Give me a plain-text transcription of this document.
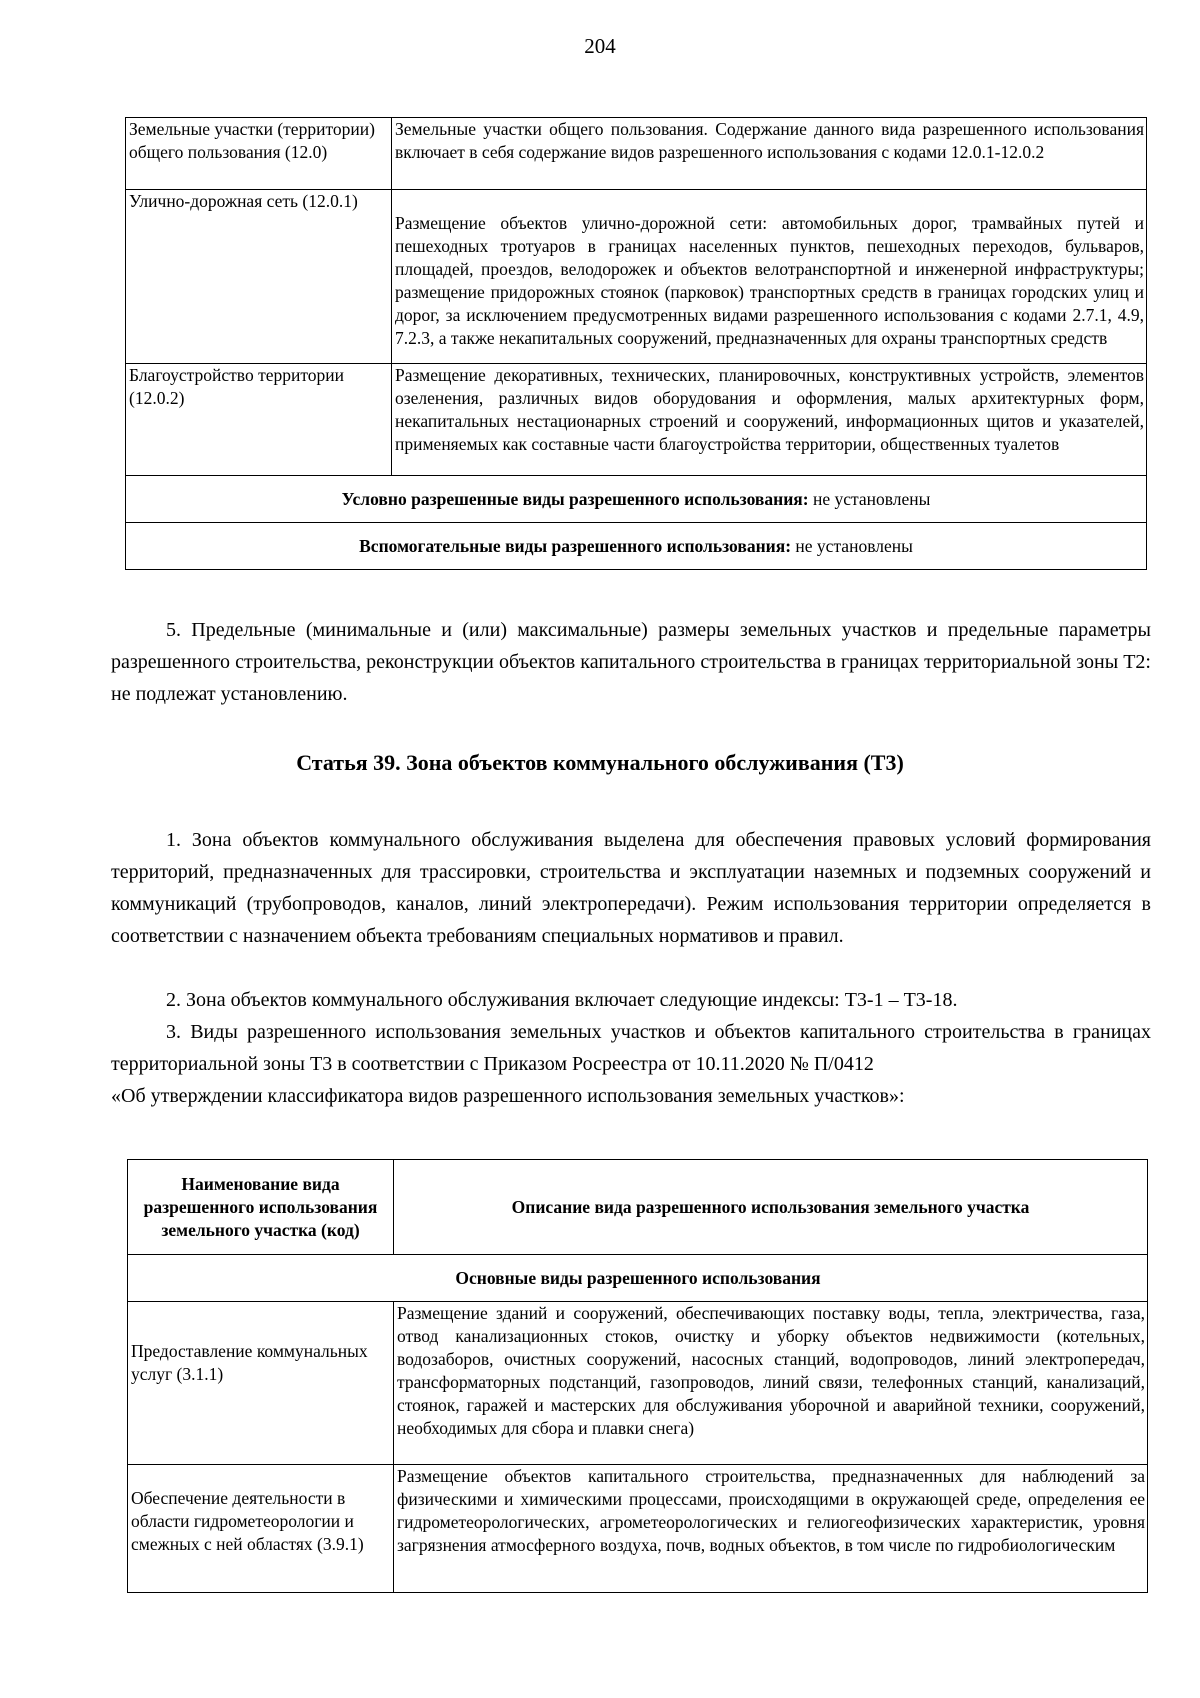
204
Земельные участки (территории) общего пользования (12.0)	Земельные участки общего пользования. Содержание данного вида разрешенного использования включает в себя содержание видов разрешенного использования с кодами 12.0.1-12.0.2
Улично-дорожная сеть (12.0.1)	Размещение объектов улично-дорожной сети: автомобильных дорог, трамвайных путей и пешеходных тротуаров в границах населенных пунктов, пешеходных переходов, бульваров, площадей, проездов, велодорожек и объектов велотранспортной и инженерной инфраструктуры; размещение придорожных стоянок (парковок) транспортных средств в границах городских улиц и дорог, за исключением предусмотренных видами разрешенного использования с кодами 2.7.1, 4.9, 7.2.3, а также некапитальных сооружений, предназначенных для охраны транспортных средств
Благоустройство территории (12.0.2)	Размещение декоративных, технических, планировочных, конструктивных устройств, элементов озеленения, различных видов оборудования и оформления, малых архитектурных форм, некапитальных нестационарных строений и сооружений, информационных щитов и указателей, применяемых как составные части благоустройства территории, общественных туалетов
Условно разрешенные виды разрешенного использования: не установлены	
Вспомогательные виды разрешенного использования: не установлены	
5. Предельные (минимальные и (или) максимальные) размеры земельных участков и предельные параметры разрешенного строительства, реконструкции объектов капитального строительства в границах территориальной зоны Т2: не подлежат установлению.
Статья 39. Зона объектов коммунального обслуживания (Т3)
1. Зона объектов коммунального обслуживания выделена для обеспечения правовых условий формирования территорий, предназначенных для трассировки, строительства и эксплуатации наземных и подземных сооружений и коммуникаций (трубопроводов, каналов, линий электропередачи). Режим использования территории определяется в соответствии с назначением объекта требованиям специальных нормативов и правил.
2. Зона объектов коммунального обслуживания включает следующие индексы: Т3-1 – Т3-18.
3. Виды разрешенного использования земельных участков и объектов капитального строительства в границах территориальной зоны Т3 в соответствии с Приказом Росреестра от 10.11.2020 № П/0412
«Об утверждении классификатора видов разрешенного использования земельных участков»:
Наименование вида разрешенного использования земельного участка (код)	Описание вида разрешенного использования земельного участка
Основные виды разрешенного использования	
Предоставление коммунальных услуг (3.1.1)	Размещение зданий и сооружений, обеспечивающих поставку воды, тепла, электричества, газа, отвод канализационных стоков, очистку и уборку объектов недвижимости (котельных, водозаборов, очистных сооружений, насосных станций, водопроводов, линий электропередач, трансформаторных подстанций, газопроводов, линий связи, телефонных станций, канализаций, стоянок, гаражей и мастерских для обслуживания уборочной и аварийной техники, сооружений, необходимых для сбора и плавки снега)
Обеспечение деятельности в области гидрометеорологии и смежных с ней областях (3.9.1)	Размещение объектов капитального строительства, предназначенных для наблюдений за физическими и химическими процессами, происходящими в окружающей среде, определения ее гидрометеорологических, агрометеорологических и гелиогеофизических характеристик, уровня загрязнения атмосферного воздуха, почв, водных объектов, в том числе по гидробиологическим
